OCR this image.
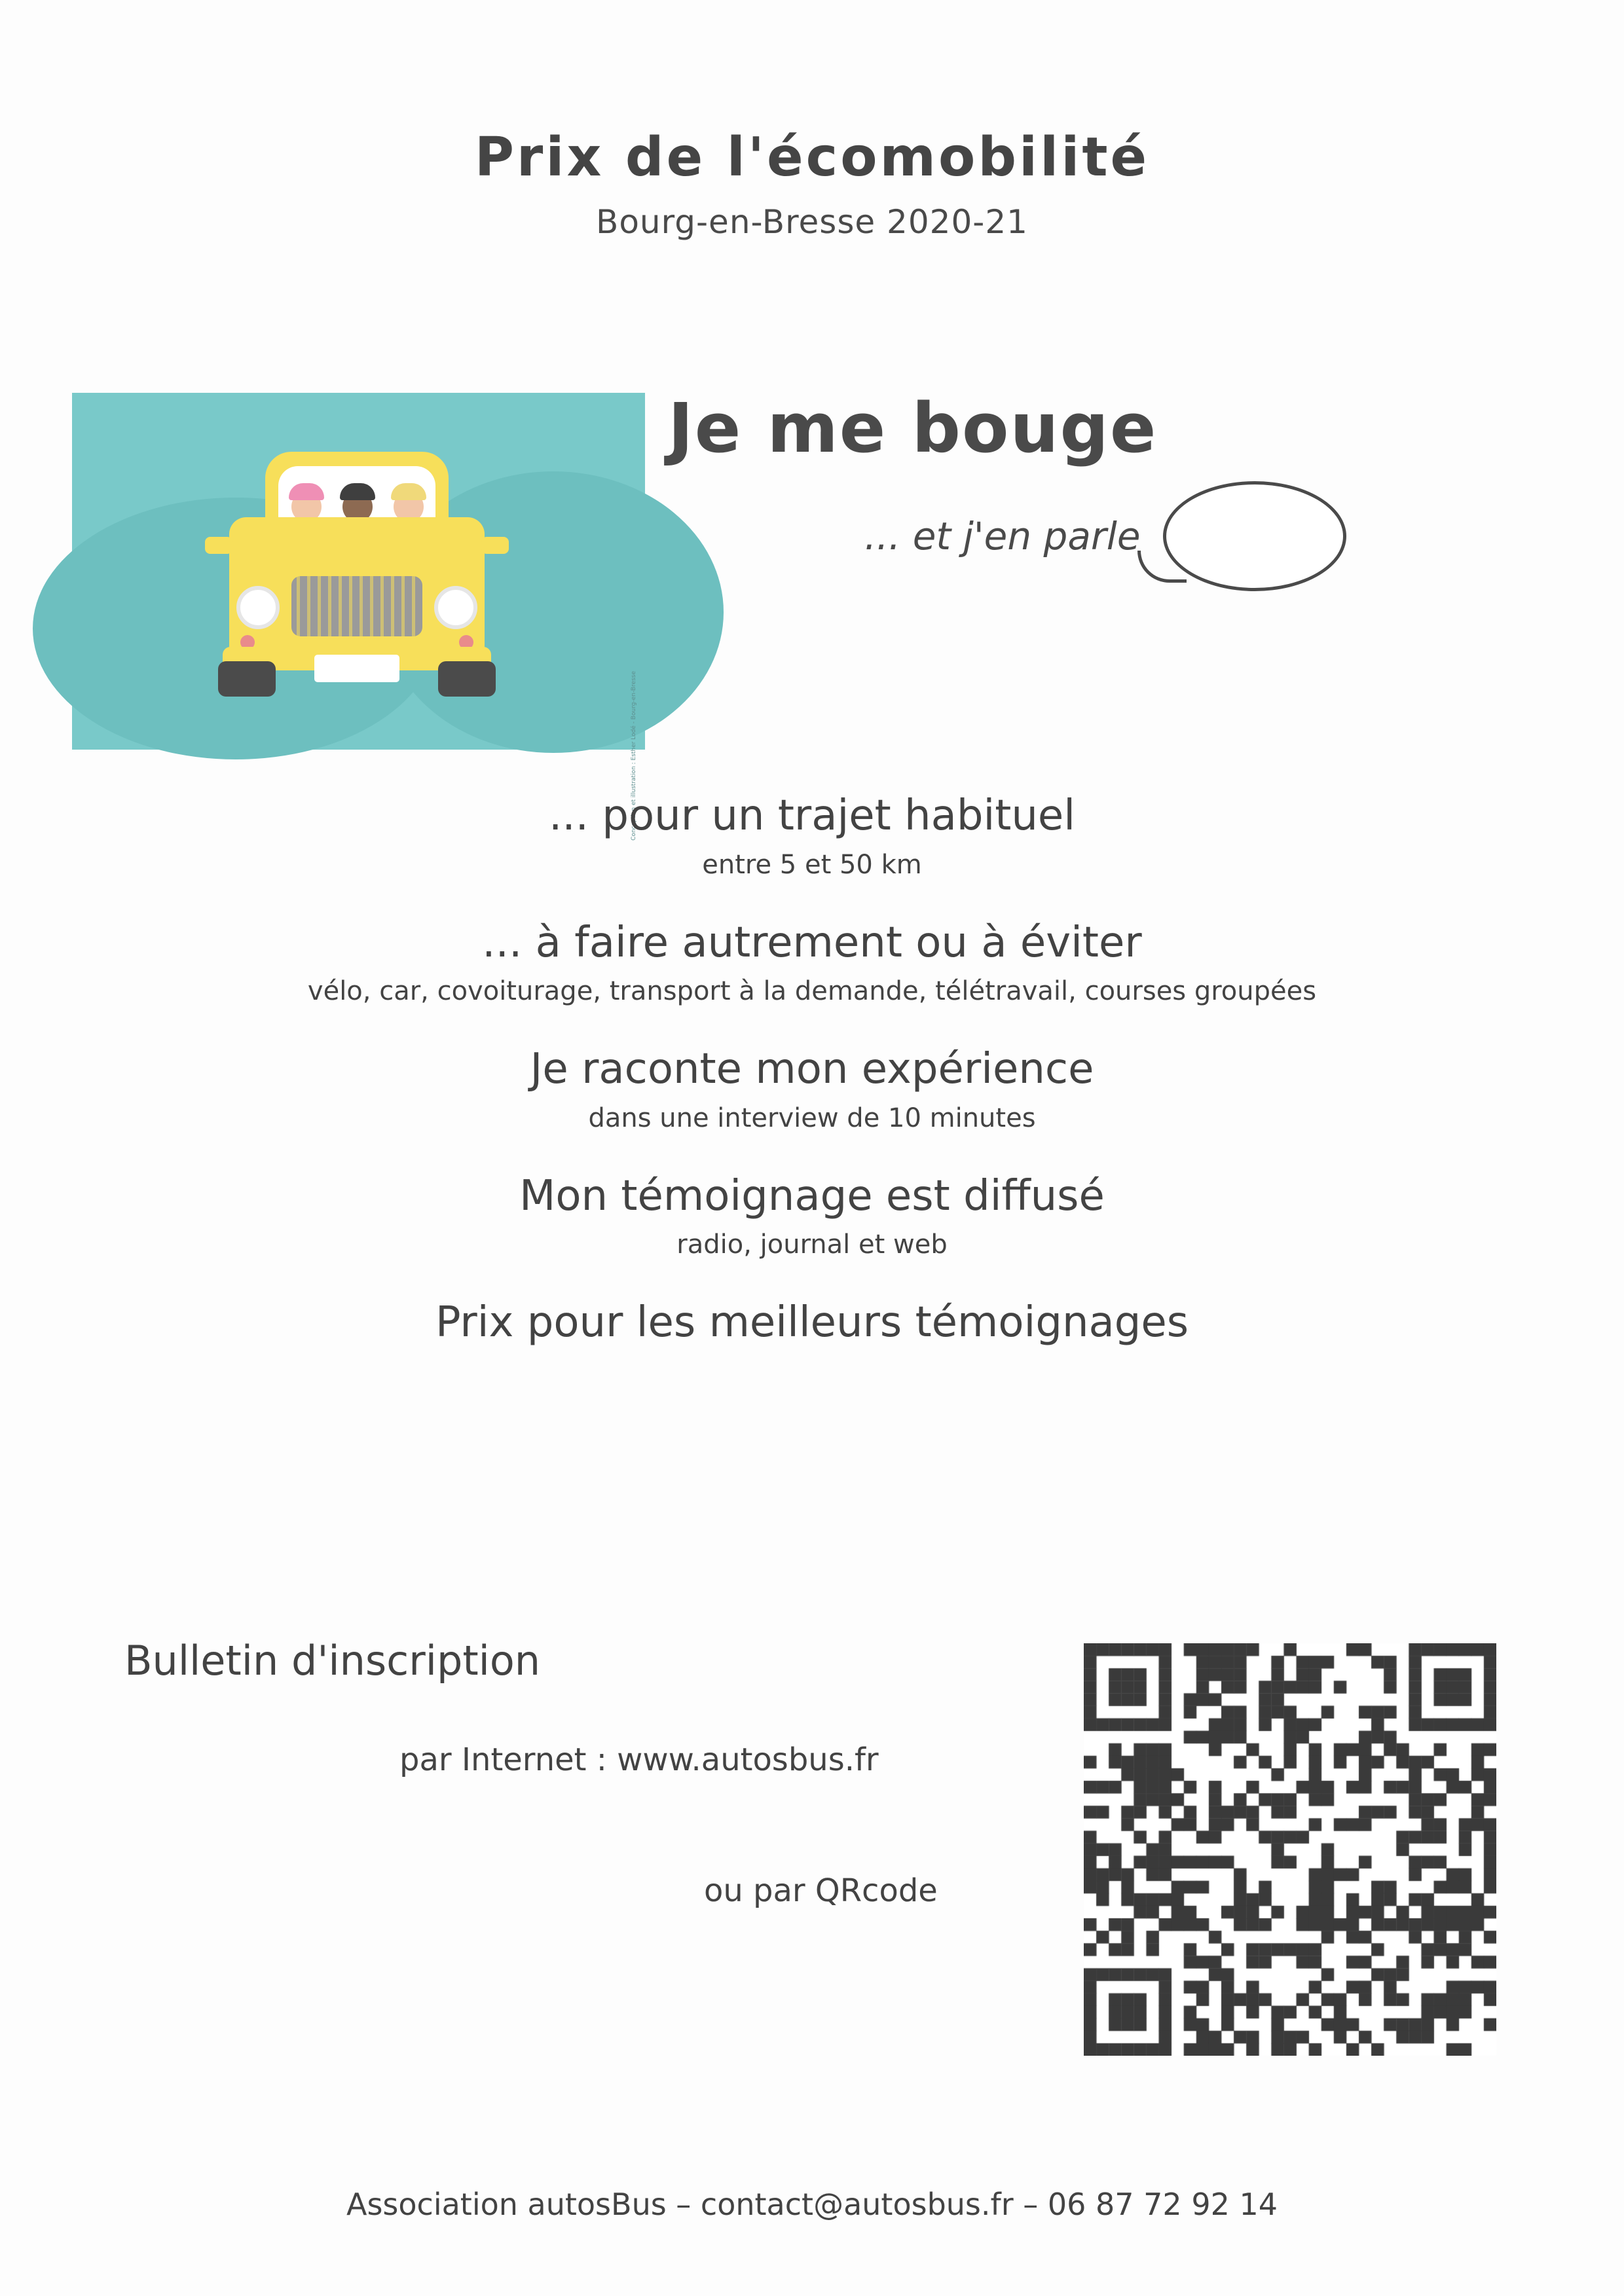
Prix de l'écomobilité
Bourg-en-Bresse 2020-21
Conception et illustration : Esther Lodé - Bourg-en-Bresse
Je me bouge
... et j'en parle
... pour un trajet habituel
entre 5 et 50 km
... à faire autrement ou à éviter
vélo, car, covoiturage, transport à la demande, télétravail, courses groupées
Je raconte mon expérience
dans une interview de 10 minutes
Mon témoignage est diffusé
radio, journal et web
Prix pour les meilleurs témoignages
Bulletin d'inscription
par Internet : www.autosbus.fr
ou par QRcode
Association autosBus – contact@autosbus.fr – 06 87 72 92 14
